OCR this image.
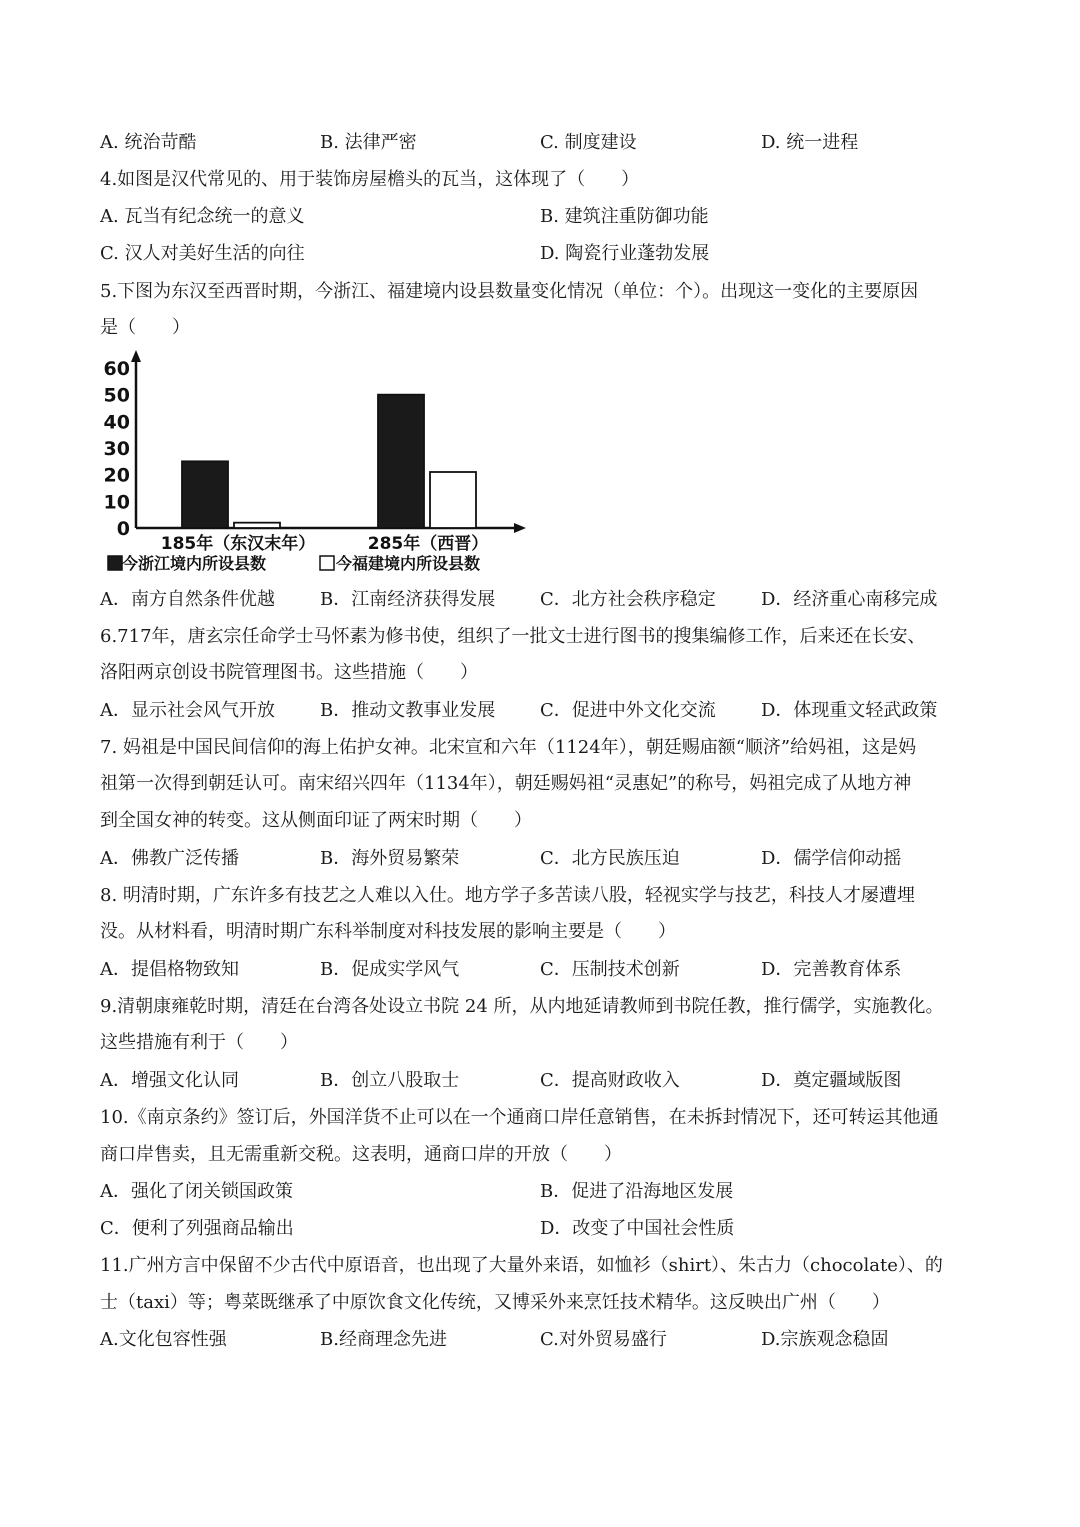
A. 统治苛酷	B. 法律严密	C. 制度建设	D. 统一进程
4.如图是汉代常见的、用于装饰房屋檐头的瓦当，这体现了（　　）
A. 瓦当有纪念统一的意义	B. 建筑注重防御功能
C. 汉人对美好生活的向往	D. 陶瓷行业蓬勃发展
5.下图为东汉至西晋时期，今浙江、福建境内设县数量变化情况（单位：个）。出现这一变化的主要原因
是（　　）
0
10
20
30
40
50
60
185年（东汉末年）	285年（西晋）
今浙江境内所设县数	今福建境内所设县数
A．南方自然条件优越	B．江南经济获得发展 C．北方社会秩序稳定	D．经济重心南移完成
6.717年，唐玄宗任命学士马怀素为修书使，组织了一批文士进行图书的搜集编修工作，后来还在长安、
洛阳两京创设书院管理图书。这些措施（　　）
A．显示社会风气开放	B．推动文教事业发展 C．促进中外文化交流	D．体现重文轻武政策
7. 妈祖是中国民间信仰的海上佑护女神。北宋宣和六年（1124年），朝廷赐庙额“顺济”给妈祖，这是妈
祖第一次得到朝廷认可。南宋绍兴四年（1134年），朝廷赐妈祖“灵惠妃”的称号，妈祖完成了从地方神
到全国女神的转变。这从侧面印证了两宋时期（　　）
A．佛教广泛传播	B．海外贸易繁荣	C．北方民族压迫	D．儒学信仰动摇
8. 明清时期，广东许多有技艺之人难以入仕。地方学子多苦读八股，轻视实学与技艺，科技人才屡遭埋
没。从材料看，明清时期广东科举制度对科技发展的影响主要是（　　）
A．提倡格物致知	B．促成实学风气	C．压制技术创新	D．完善教育体系
9.清朝康雍乾时期，清廷在台湾各处设立书院 24 所，从内地延请教师到书院任教，推行儒学，实施教化。
这些措施有利于（　　）
A．增强文化认同	B．创立八股取士	C．提高财政收入	D．奠定疆域版图
10.《南京条约》签订后，外国洋货不止可以在一个通商口岸任意销售，在未拆封情况下，还可转运其他通
商口岸售卖，且无需重新交税。这表明，通商口岸的开放（　　）
A．强化了闭关锁国政策	B．促进了沿海地区发展
C．便利了列强商品输出	D．改变了中国社会性质
11.广州方言中保留不少古代中原语音，也出现了大量外来语，如恤衫（shirt）、朱古力（chocolate）、的
士（taxi）等；粤菜既继承了中原饮食文化传统，又博采外来烹饪技术精华。这反映出广州（　　）
A.文化包容性强	B.经商理念先进	C.对外贸易盛行	D.宗族观念稳固
